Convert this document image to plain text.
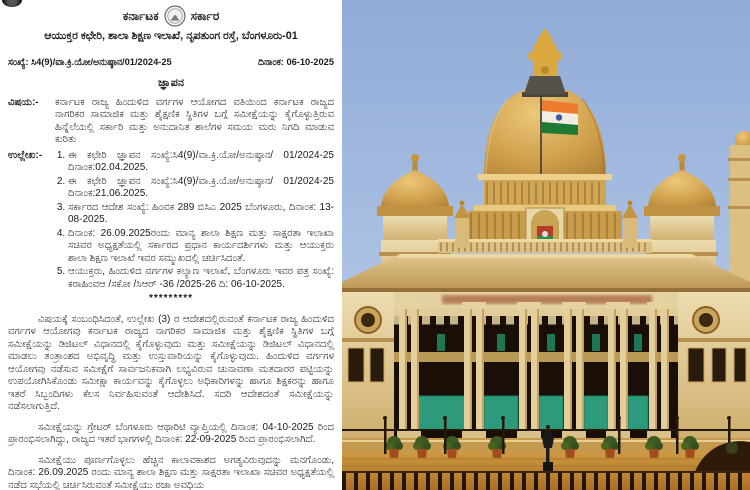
ಕರ್ನಾಟಕ	ಸರ್ಕಾರ
ಆಯುಕ್ತರ ಕಛೇರಿ, ಶಾಲಾ ಶಿಕ್ಷಣ ಇಲಾಖೆ, ನೃಪತುಂಗ ರಸ್ತೆ, ಬೆಂಗಳೂರು-01
ಸಂಖ್ಯೆ: ಸಿ4(9)/ವಾ.ಕ್ರಿ.ಯೋ/ಅನುಷ್ಠಾನ/01/2024-25	ದಿನಾಂಕ: 06-10-2025
ಜ್ಞಾಪನ
ವಿಷಯ:-	ಕರ್ನಾಟಕ ರಾಜ್ಯ ಹಿಂದುಳಿದ ವರ್ಗಗಳ ಆಯೋಗದ ವತಿಯಿಂದ ಕರ್ನಾಟಕ ರಾಜ್ಯದ ನಾಗರಿಕರ ಸಾಮಾಜಿಕ ಮತ್ತು ಶೈಕ್ಷಣಿಕ ಸ್ಥಿತಿಗಳ ಬಗ್ಗೆ ಸಮೀಕ್ಷೆಯನ್ನು ಕೈಗೊಳ್ಳುತ್ತಿರುವ ಹಿನ್ನೆಲೆಯಲ್ಲಿ ಸರ್ಕಾರಿ ಮತ್ತು ಅನುದಾನಿತ ಶಾಲೆಗಳ ಸಮಯ ಮರು ನಿಗದಿ ಮಾಡುವ ಕುರಿತು
ಉಲ್ಲೇಖ:-	1. ಈ ಕಛೇರಿ ಜ್ಞಾಪನ ಸಂಖ್ಯೆ:ಸಿ4(9)/ವಾ.ಕ್ರಿ.ಯೋ/ಅನುಷ್ಠಾನ/ 01/2024-25 ದಿನಾಂಕ:02.04.2025.
2. ಈ ಕಛೇರಿ ಜ್ಞಾಪನ ಸಂಖ್ಯೆ:ಸಿ4(9)/ವಾ.ಕ್ರಿ.ಯೋ/ಅನುಷ್ಠಾನ/ 01/2024-25 ದಿನಾಂಕ:21.06.2025.
3. ಸರ್ಕಾರದ ಆದೇಶ ಸಂಖ್ಯೆ: ಹಿಂವಕ 289 ಬಿಸಿಎ 2025 ಬೆಂಗಳೂರು, ದಿನಾಂಕ: 13-08-2025.
4. ದಿನಾಂಕ: 26.09.2025ರಂದು ಮಾನ್ಯ ಶಾಲಾ ಶಿಕ್ಷಣ ಮತ್ತು ಸಾಕ್ಷರತಾ ಇಲಾಖಾ ಸಚಿವರ ಅಧ್ಯಕ್ಷತೆಯಲ್ಲಿ ಸರ್ಕಾರದ ಪ್ರಧಾನ ಕಾರ್ಯದರ್ಶಿಗಳು ಮತ್ತು ಆಯುಕ್ತರು ಶಾಲಾ ಶಿಕ್ಷಣ ಇಲಾಖೆ ಇವರ ಸಮ್ಮುಖದಲ್ಲಿ ಚರ್ಚಿಸಿದಂತೆ.
5. ಆಯುಕ್ತರು, ಹಿಂದುಳಿದ ವರ್ಗಗಳ ಕಲ್ಯಾಣ ಇಲಾಖೆ, ಬೆಂಗಳೂರು ಇವರ ಪತ್ರ ಸಂಖ್ಯೆ: ಕರಾಹಿಂವಆ /ಸಕೋ /ಸಿಆರ್ -36 /2025-26 ದಿ: 06-10-2025.
*********
ವಿಷಯಕ್ಕೆ ಸಂಬಂಧಿಸಿದಂತೆ, ಉಲ್ಲೇಖ (3) ರ ಆದೇಶದಲ್ಲಿರುವಂತೆ ಕರ್ನಾಟಕ ರಾಜ್ಯ ಹಿಂದುಳಿದ ವರ್ಗಗಳ ಆಯೋಗವು ಕರ್ನಾಟಕ ರಾಜ್ಯದ ನಾಗರಿಕರ ಸಾಮಾಜಿಕ ಮತ್ತು ಶೈಕ್ಷಣಿಕ ಸ್ಥಿತಿಗಳ ಬಗ್ಗೆ ಸಮೀಕ್ಷೆಯನ್ನು ಡಿಜಿಟಲ್ ವಿಧಾನದಲ್ಲಿ ಕೈಗೊಳ್ಳುವುದು ಮತ್ತು ಸಮೀಕ್ಷೆಯನ್ನು ಡಿಜಿಟಲ್ ವಿಧಾನದಲ್ಲಿ ಮಾಡಲು ತಂತ್ರಾಂಶದ ಅಭಿವೃದ್ಧಿ ಮತ್ತು ಉಸ್ತುವಾರಿಯನ್ನು ಕೈಗೊಳ್ಳುವುದು. ಹಿಂದುಳಿದ ವರ್ಗಗಳ ಆಯೋಗವು ನಡೆಸುವ ಸಮೀಕ್ಷೆಗೆ ಸಾರ್ವಜನಿಕವಾಗಿ ಲಭ್ಯವಿರುವ ಚುನಾವಣಾ ಮತದಾರರ ಪಟ್ಟಿಯನ್ನು ಉಪಯೋಗಿಸಿಕೊಂಡು ಸಮೀಕ್ಷಾ ಕಾರ್ಯವನ್ನು ಕೈಗೊಳ್ಳಲು ಅಧಿಕಾರಿಗಳನ್ನು ಹಾಗೂ ಶಿಕ್ಷಕರನ್ನು ಹಾಗೂ ಇತರೆ ಸಿಬ್ಬಂದಿಗಳು ಕೆಲಸ ನಿರ್ವಹಿಸುವಂತೆ ಆದೇಶಿಸಿದೆ. ಸದರಿ ಆದೇಶದಂತೆ ಸಮೀಕ್ಷೆಯನ್ನು ನಡೆಸಲಾಗುತ್ತಿದೆ.
ಸಮೀಕ್ಷೆಯನ್ನು ಗ್ರೇಟರ್ ಬೆಂಗಳೂರು ಆಥಾರಿಟಿ ವ್ಯಾಪ್ತಿಯಲ್ಲಿ ದಿನಾಂಕ: 04-10-2025 ರಿಂದ ಪ್ರಾರಂಭಿಸಲಾಗಿದ್ದು, ರಾಜ್ಯದ ಇತರೆ ಭಾಗಗಳಲ್ಲಿ ದಿನಾಂಕ: 22-09-2025 ರಿಂದ ಪ್ರಾರಂಭಿಸಲಾಗಿದೆ.
ಸಮೀಕ್ಷೆಯು ಪೂರ್ಣಗೊಳ್ಳಲು ಹೆಚ್ಚಿನ ಕಾಲಾವಕಾಶದ ಅಗತ್ಯವಿರುವುದನ್ನು ಮನಗೊಂಡು, ದಿನಾಂಕ: 26.09.2025 ರಂದು ಮಾನ್ಯ ಶಾಲಾ ಶಿಕ್ಷಣ ಮತ್ತು ಸಾಕ್ಷರತಾ ಇಲಾಖಾ ಸಚಿವರ ಅಧ್ಯಕ್ಷತೆಯಲ್ಲಿ ನಡೆದ ಸಭೆಯಲ್ಲಿ ಚರ್ಚಿಸಿರುವಂತೆ ಸಮೀಕ್ಷೆಯು ರಜಾ ಅವಧಿಯ
